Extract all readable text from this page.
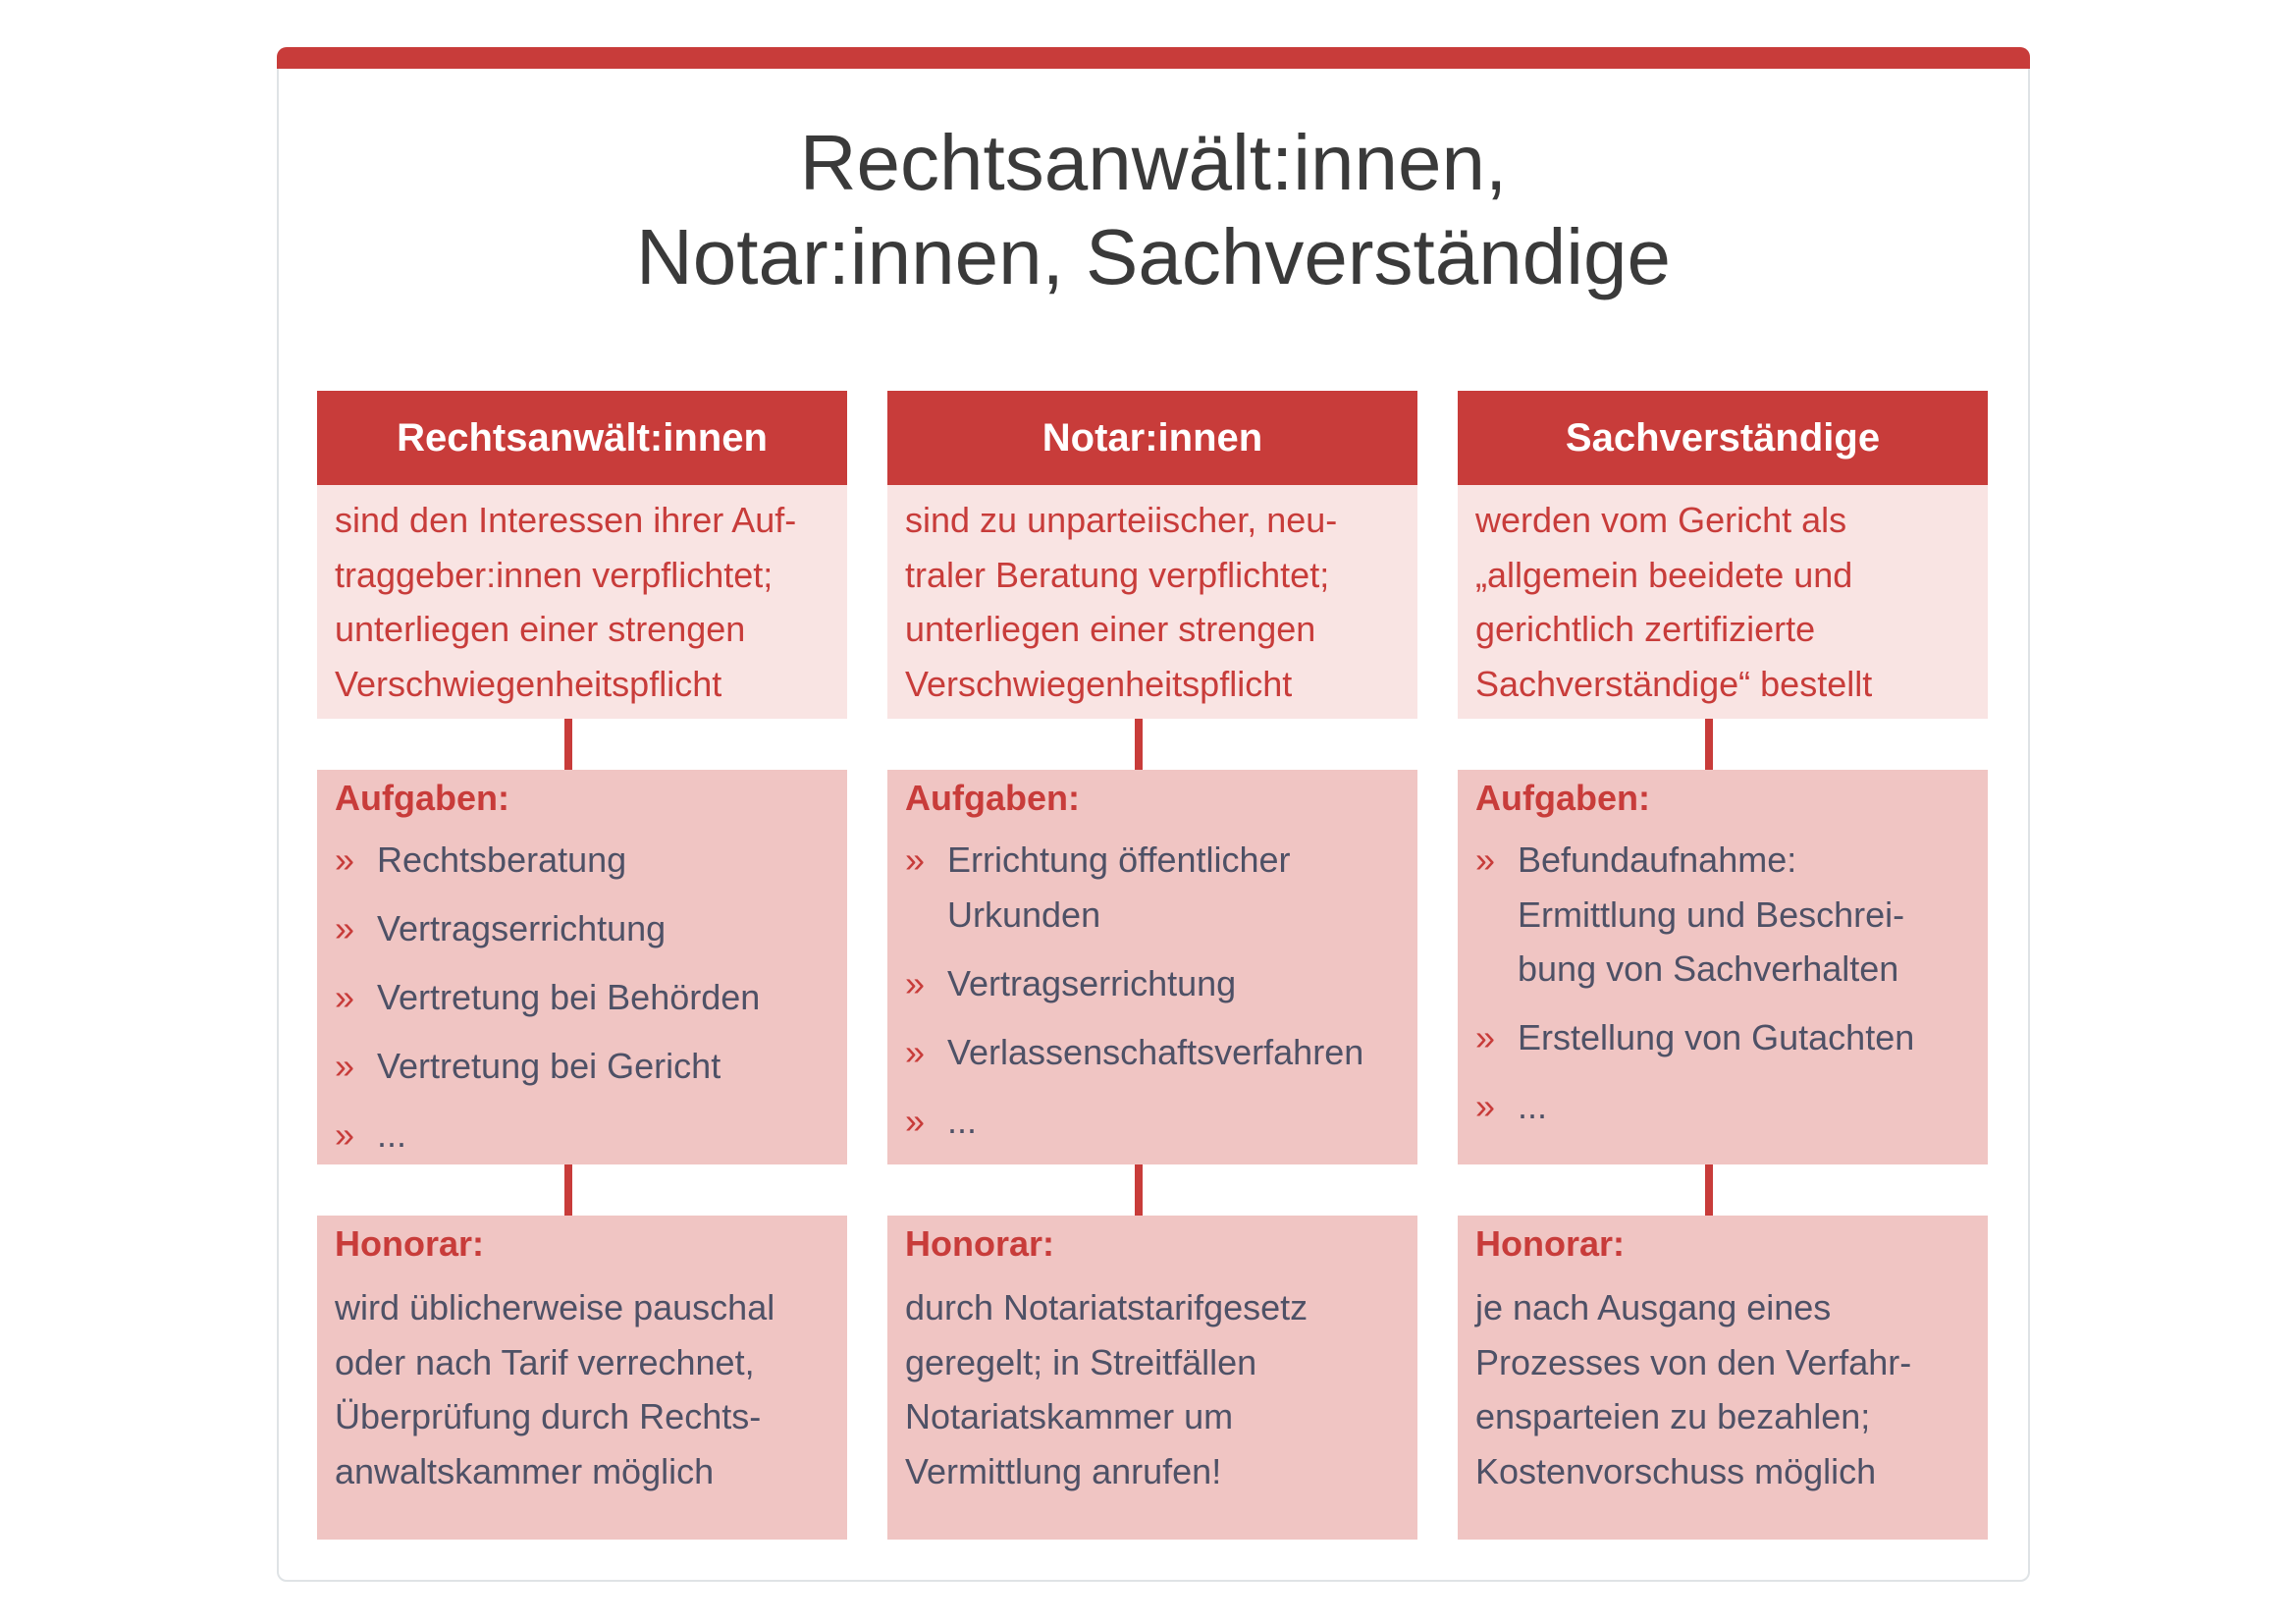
Rechtsanwält:innen,
Notar:innen, Sachverständige
Rechtsanwält:innen
sind den Interessen ihrer Auf-
traggeber:innen verpflichtet;
unterliegen einer strengen
Verschwiegenheitspflicht
Aufgaben:
» Rechtsberatung
» Vertragserrichtung
» Vertretung bei Behörden
» Vertretung bei Gericht
» ...
Honorar:
wird üblicherweise pauschal
oder nach Tarif verrechnet,
Überprüfung durch Rechts-
anwaltskammer möglich
Notar:innen
sind zu unparteiischer, neu-
traler Beratung verpflichtet;
unterliegen einer strengen
Verschwiegenheitspflicht
Aufgaben:
» Errichtung öffentlicher
Urkunden
» Vertragserrichtung
» Verlassenschaftsverfahren
» ...
Honorar:
durch Notariatstarifgesetz
geregelt; in Streitfällen
Notariatskammer um
Vermittlung anrufen!
Sachverständige
werden vom Gericht als
„allgemein beeidete und
gerichtlich zertifizierte
Sachverständige“ bestellt
Aufgaben:
» Befundaufnahme:
Ermittlung und Beschrei-
bung von Sachverhalten
» Erstellung von Gutachten
» ...
Honorar:
je nach Ausgang eines
Prozesses von den Verfahr-
ensparteien zu bezahlen;
Kostenvorschuss möglich
